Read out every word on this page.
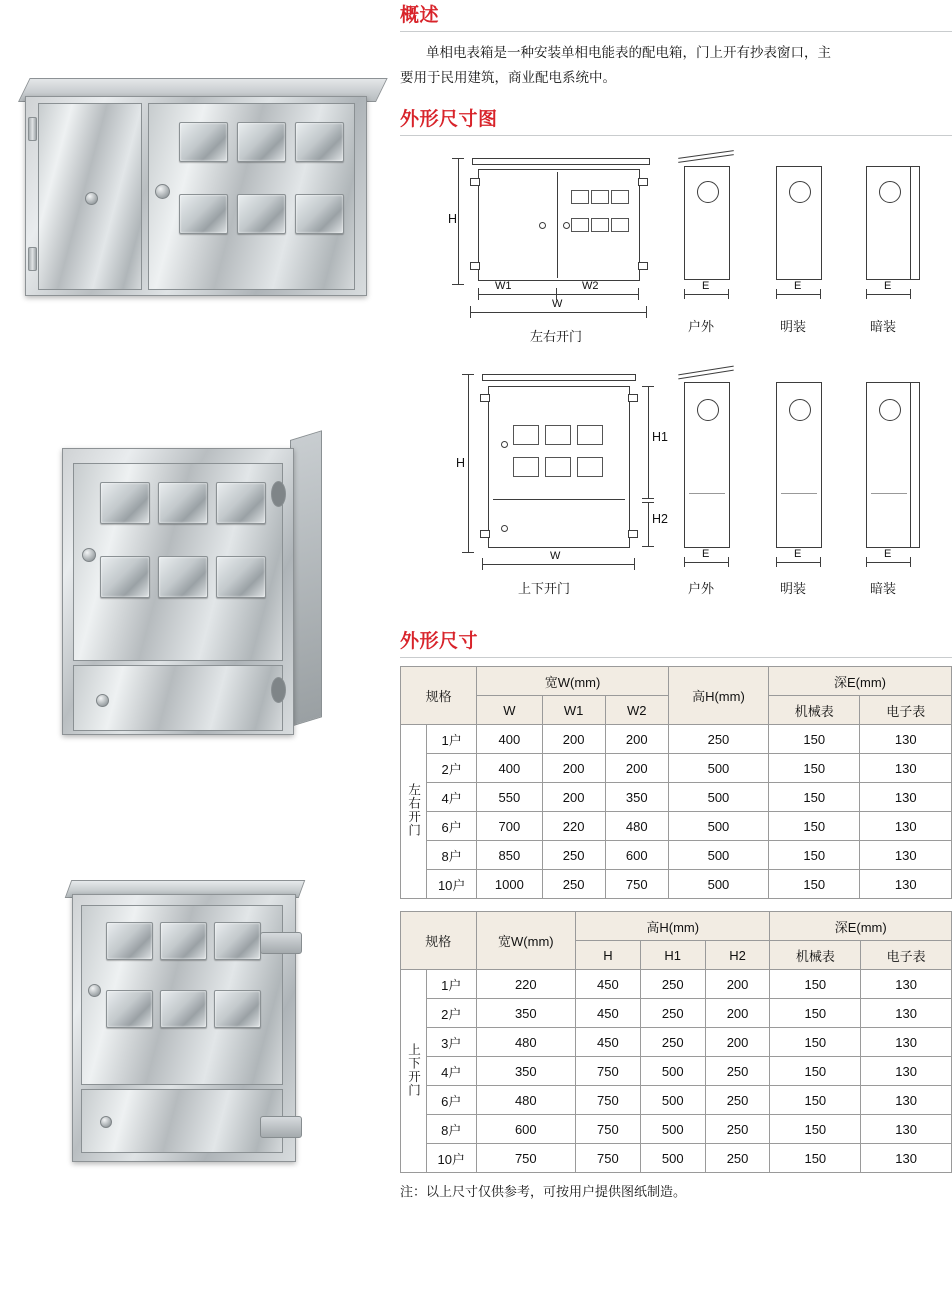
概述

单相电表箱是一种安装单相电能表的配电箱，门上开有抄表窗口，主
要用于民用建筑，商业配电系统中。

外形尺寸图
H
W1	W2
W
左右开门
E
户外
E
明装
E
暗装
H
H1
H2
W
上下开门
E
户外
E
明装
E
暗装
外形尺寸
规格		宽W(mm)			高H(mm)	深E(mm)	
		W	W1	W2		机械表	电子表
左右开门	1户	400	200	200	250	150	130
	2户	400	200	200	500	150	130
	4户	550	200	350	500	150	130
	6户	700	220	480	500	150	130
	8户	850	250	600	500	150	130
	10户	1000	250	750	500	150	130
规格		宽W(mm)	高H(mm)			深E(mm)	
			H	H1	H2	机械表	电子表
上下开门	1户	220	450	250	200	150	130
	2户	350	450	250	200	150	130
	3户	480	450	250	200	150	130
	4户	350	750	500	250	150	130
	6户	480	750	500	250	150	130
	8户	600	750	500	250	150	130
	10户	750	750	500	250	150	130
注：以上尺寸仅供参考，可按用户提供图纸制造。
